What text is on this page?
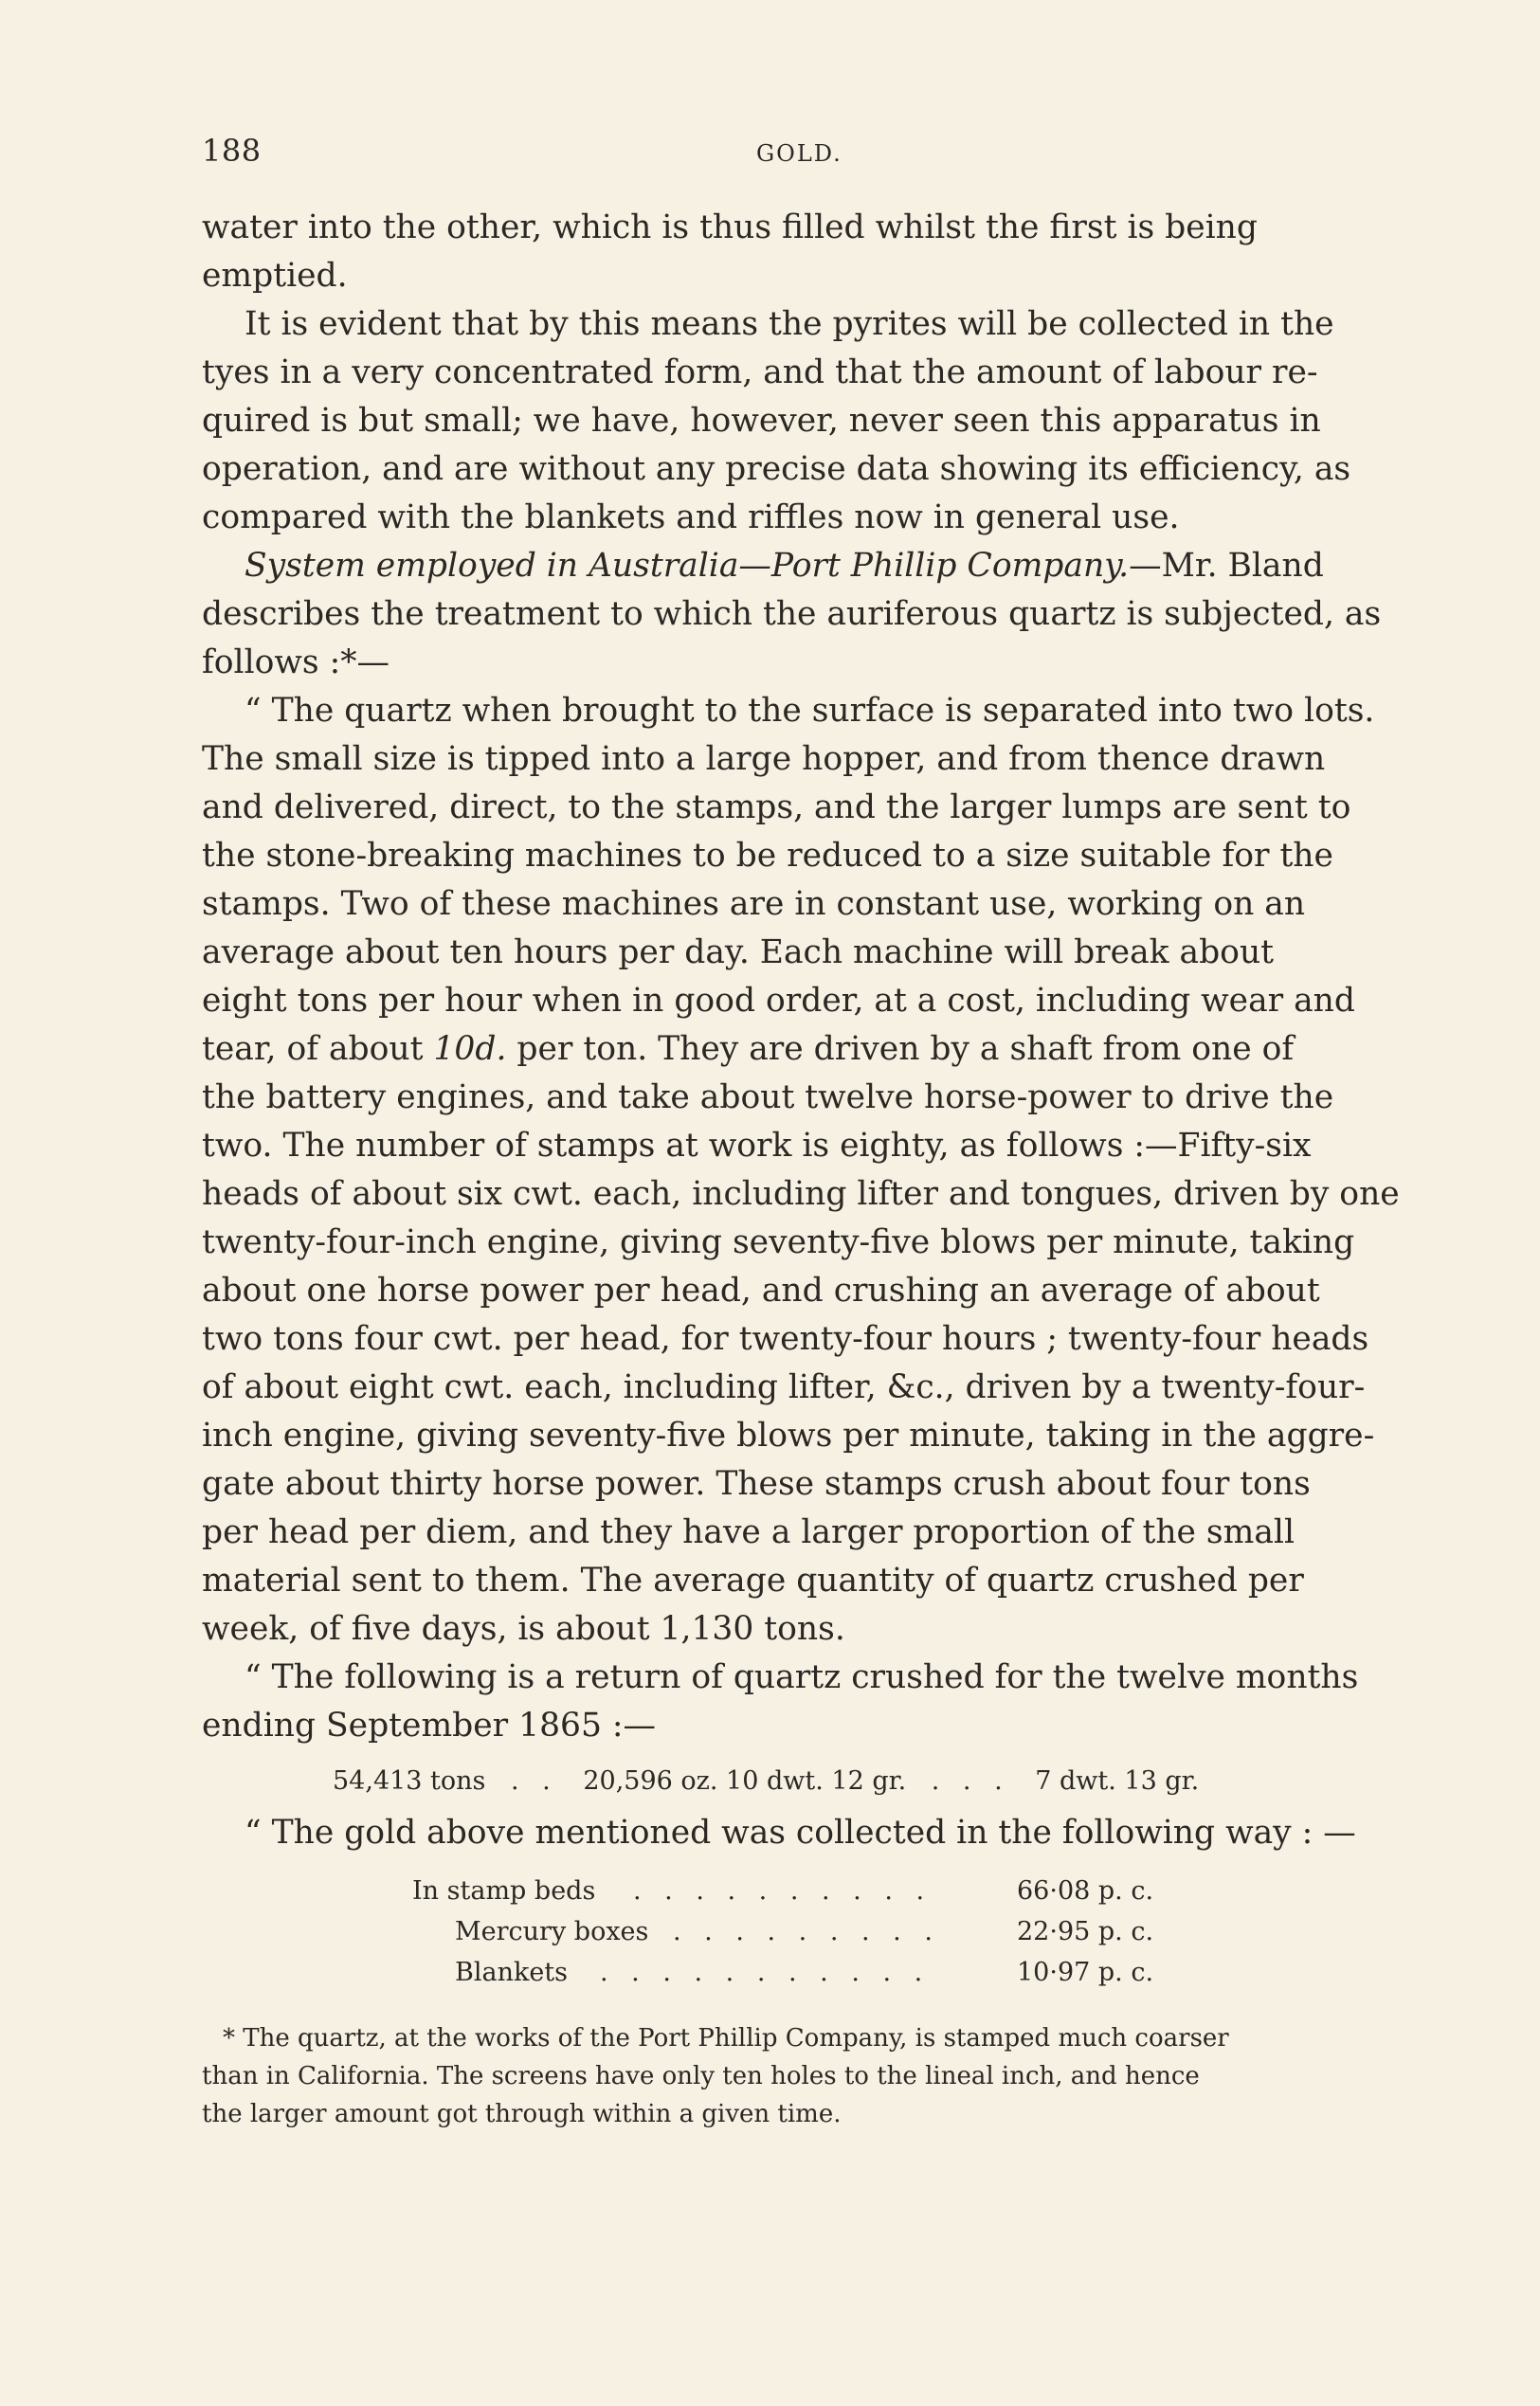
188	GOLD.

water into the other, which is thus filled whilst the first is being
emptied.

It is evident that by this means the pyrites will be collected in the
tyes in a very concentrated form, and that the amount of labour re-
quired is but small; we have, however, never seen this apparatus in
operation, and are without any precise data showing its efficiency, as
compared with the blankets and riffles now in general use.

System employed in Australia—Port Phillip Company.—Mr. Bland
describes the treatment to which the auriferous quartz is subjected, as
follows :*—

“ The quartz when brought to the surface is separated into two lots.
The small size is tipped into a large hopper, and from thence drawn
and delivered, direct, to the stamps, and the larger lumps are sent to
the stone-breaking machines to be reduced to a size suitable for the
stamps. Two of these machines are in constant use, working on an
average about ten hours per day. Each machine will break about
eight tons per hour when in good order, at a cost, including wear and
tear, of about 10d. per ton. They are driven by a shaft from one of
the battery engines, and take about twelve horse-power to drive the
two. The number of stamps at work is eighty, as follows :—Fifty-six
heads of about six cwt. each, including lifter and tongues, driven by one
twenty-four-inch engine, giving seventy-five blows per minute, taking
about one horse power per head, and crushing an average of about
two tons four cwt. per head, for twenty-four hours ; twenty-four heads
of about eight cwt. each, including lifter, &c., driven by a twenty-four-
inch engine, giving seventy-five blows per minute, taking in the aggre-
gate about thirty horse power. These stamps crush about four tons
per head per diem, and they have a larger proportion of the small
material sent to them. The average quantity of quartz crushed per
week, of five days, is about 1,130 tons.

“ The following is a return of quartz crushed for the twelve months
ending September 1865 :—

54,413 tons . . 20,596 oz. 10 dwt. 12 gr. . . . 7 dwt. 13 gr.

“ The gold above mentioned was collected in the following way : —

In stamp beds . . . . . . . . . .	66·08 p. c.
Mercury boxes . . . . . . . . .	22·95 p. c.
Blankets . . . . . . . . . . .	10·97 p. c.
* The quartz, at the works of the Port Phillip Company, is stamped much coarser
than in California. The screens have only ten holes to the lineal inch, and hence
the larger amount got through within a given time.
